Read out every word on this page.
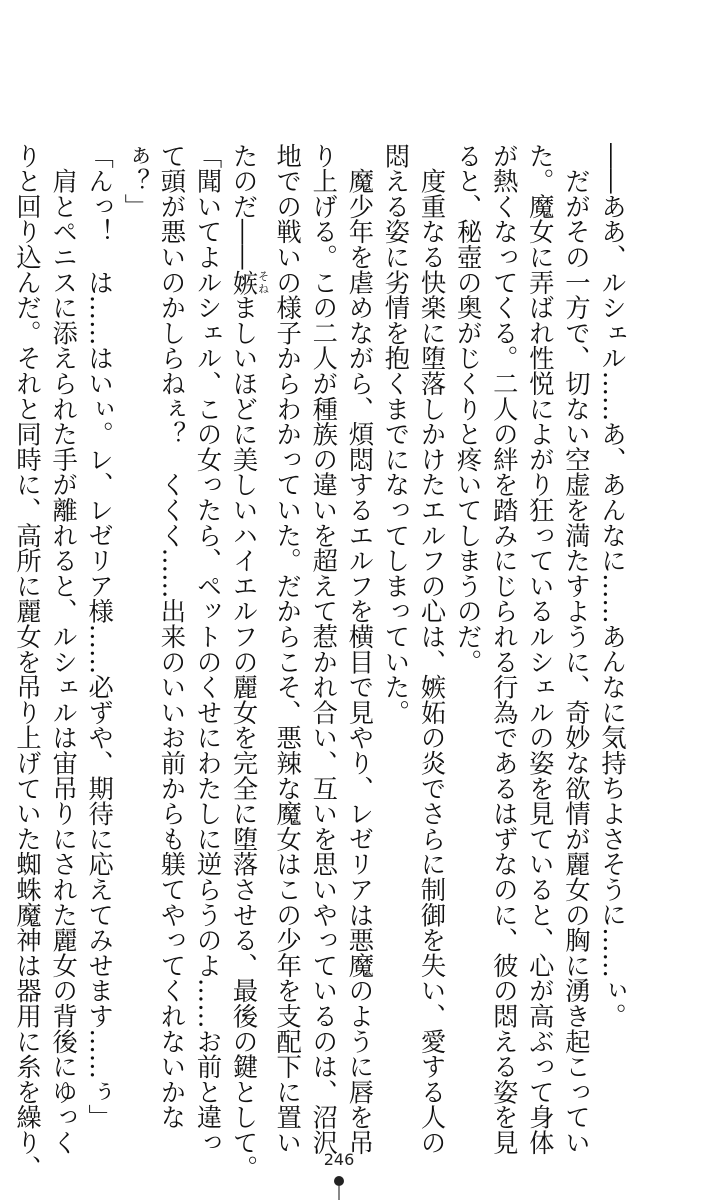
――ああ、ルシェル……あ、あんなに……あんなに気持ちよさそうに……ぃ。
　だがその一方で、切ない空虚を満たすように、奇妙な欲情が麗女の胸に湧き起こってい
た。魔女に弄ばれ性悦によがり狂っているルシェルの姿を見ていると、心が高ぶって身体
が熱くなってくる。二人の絆を踏みにじられる行為であるはずなのに、彼の悶える姿を見
ると、秘壺の奥がじくりと疼いてしまうのだ。
　度重なる快楽に堕落しかけたエルフの心は、嫉妬の炎でさらに制御を失い、愛する人の
悶える姿に劣情を抱くまでになってしまっていた。
　魔少年を虐めながら、煩悶するエルフを横目で見やり、レゼリアは悪魔のように唇を吊
り上げる。この二人が種族の違いを超えて惹かれ合い、互いを思いやっているのは、沼沢
地での戦いの様子からわかっていた。だからこそ、悪辣な魔女はこの少年を支配下に置い
たのだ――嫉そねましいほどに美しいハイエルフの麗女を完全に堕落させる、最後の鍵として。
「聞いてよルシェル、この女ったら、ペットのくせにわたしに逆らうのよ……お前と違っ
て頭が悪いのかしらねぇ？　くくく……出来のいいお前からも躾てやってくれないかな
ぁ？」
「んっ！　は……はいぃ。レ、レゼリア様……必ずや、期待に応えてみせます……ぅ」
　肩とペニスに添えられた手が離れると、ルシェルは宙吊りにされた麗女の背後にゆっく
りと回り込んだ。それと同時に、高所に麗女を吊り上げていた蜘蛛魔神は器用に糸を繰り、	246
